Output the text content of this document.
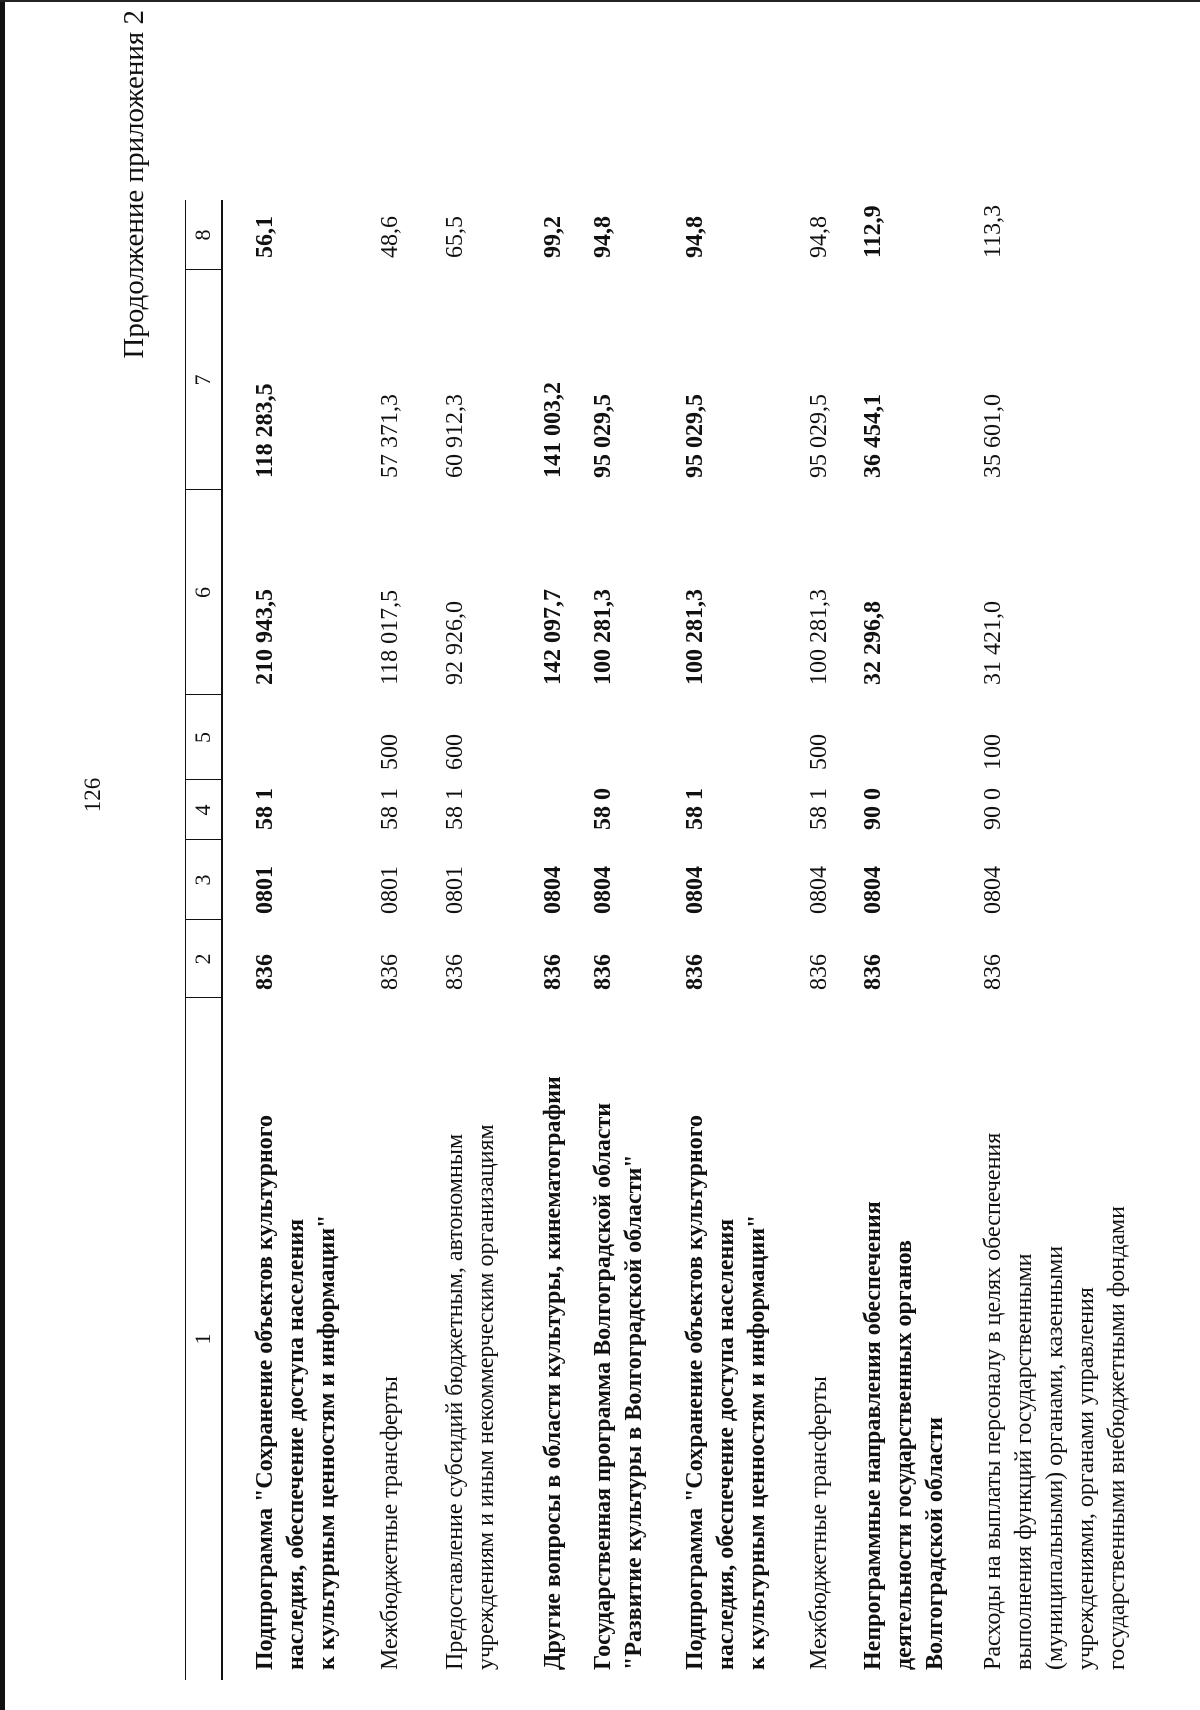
126
Продолжение приложения 2
1
2
3
4
5
6
7
8
Подпрограмма "Сохранение объектов культурного наследия, обеспечение доступа населения к культурным ценностям и информации"
836
0801
58 1
210 943,5
118 283,5
56,1
Межбюджетные трансферты
836
0801
58 1
500
118 017,5
57 371,3
48,6
Предоставление субсидий бюджетным, автономным учреждениям и иным некоммерческим организациям
836
0801
58 1
600
92 926,0
60 912,3
65,5
Другие вопросы в области культуры, кинематографии
836
0804
142 097,7
141 003,2
99,2
Государственная программа Волгоградской области "Развитие культуры в Волгоградской области"
836
0804
58 0
100 281,3
95 029,5
94,8
Подпрограмма "Сохранение объектов культурного наследия, обеспечение доступа населения к культурным ценностям и информации"
836
0804
58 1
100 281,3
95 029,5
94,8
Межбюджетные трансферты
836
0804
58 1
500
100 281,3
95 029,5
94,8
Непрограммные направления обеспечения деятельности государственных органов Волгоградской области
836
0804
90 0
32 296,8
36 454,1
112,9
Расходы на выплаты персоналу в целях обеспечения выполнения функций государственными (муниципальными) органами, казенными учреждениями, органами управления государственными внебюджетными фондами
836
0804
90 0
100
31 421,0
35 601,0
113,3
